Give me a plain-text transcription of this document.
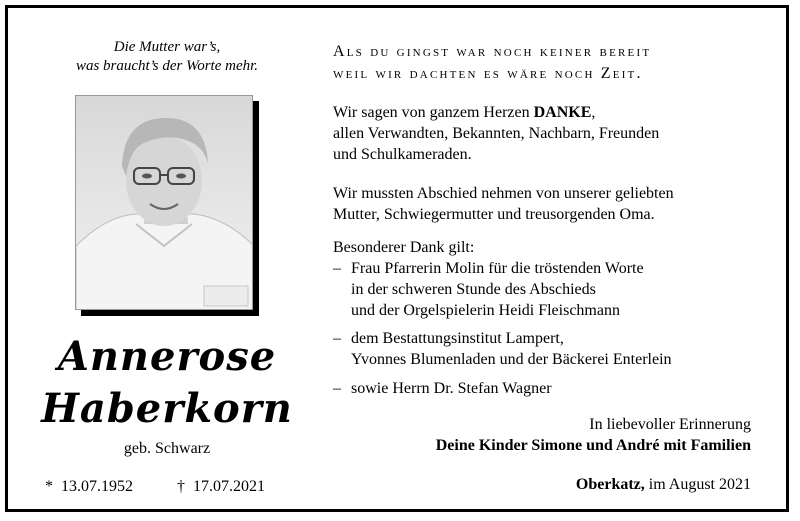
Die Mutter war’s,
was braucht’s der Worte mehr.
Annerose
Haberkorn
geb. Schwarz
* 13.07.1952	† 17.07.2021
Als du gingst war noch keiner bereit
weil wir dachten es wäre noch Zeit.
Wir sagen von ganzem Herzen DANKE,
allen Verwandten, Bekannten, Nachbarn, Freunden
und Schulkameraden.
Wir mussten Abschied nehmen von unserer geliebten
Mutter, Schwiegermutter und treusorgenden Oma.
Besonderer Dank gilt:
– Frau Pfarrerin Molin für die tröstenden Worte
in der schweren Stunde des Abschieds
und der Orgelspielerin Heidi Fleischmann
– dem Bestattungsinstitut Lampert,
Yvonnes Blumenladen und der Bäckerei Enterlein
– sowie Herrn Dr. Stefan Wagner
In liebevoller Erinnerung
Deine Kinder Simone und André mit Familien
Oberkatz, im August 2021
